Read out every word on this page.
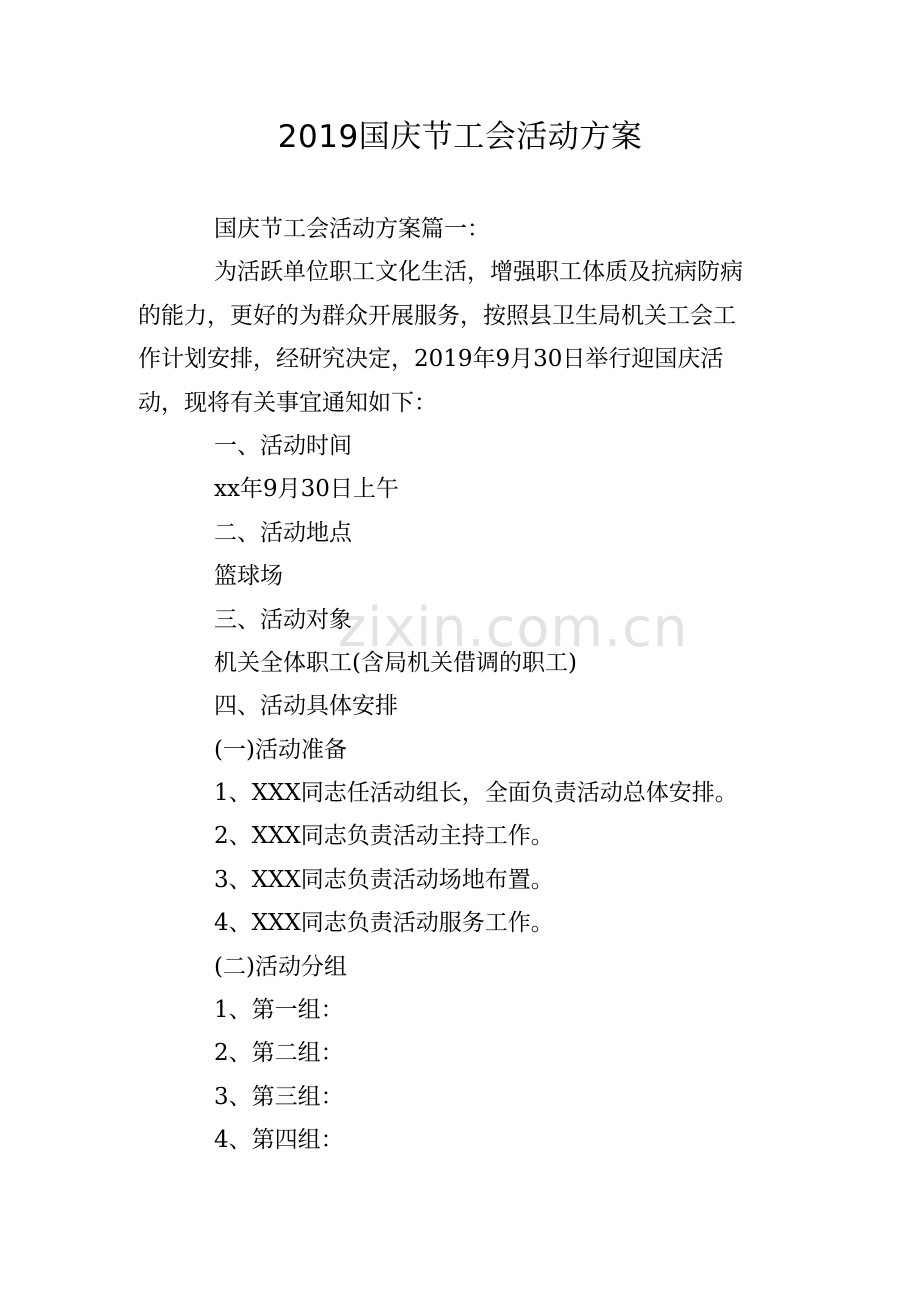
2019国庆节工会活动方案
zixin.com.cn
国庆节工会活动方案篇一：
为活跃单位职工文化生活，增强职工体质及抗病防病
的能力，更好的为群众开展服务，按照县卫生局机关工会工
作计划安排，经研究决定，2019年9月30日举行迎国庆活
动，现将有关事宜通知如下：
一、活动时间
xx年9月30日上午
二、活动地点
篮球场
三、活动对象
机关全体职工(含局机关借调的职工)
四、活动具体安排
(一)活动准备
1、XXX同志任活动组长，全面负责活动总体安排。
2、XXX同志负责活动主持工作。
3、XXX同志负责活动场地布置。
4、XXX同志负责活动服务工作。
(二)活动分组
1、第一组：
2、第二组：
3、第三组：
4、第四组：
